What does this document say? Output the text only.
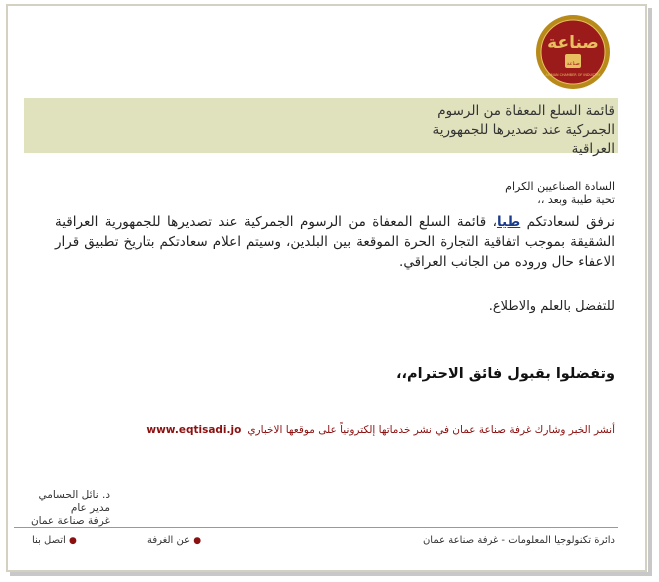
صناعة
غرفة صناعة عمان
AMMAN CHAMBER OF INDUSTRY
قائمة السلع المعفاة من الرسوم
الجمركية عند تصديرها للجمهورية
العراقية
السادة الصناعيين الكرام
تحية طيبة وبعد ،،
نرفق لسعادتكم طيا، قائمة السلع المعفاة من الرسوم الجمركية عند تصديرها للجمهورية العراقية الشقيقة بموجب اتفاقية التجارة الحرة الموقعة بين البلدين، وسيتم اعلام سعادتكم بتاريخ تطبيق قرار الاعفاء حال وروده من الجانب العراقي.
للتفضل بالعلم والاطلاع.
وتفضلوا بقبول فائق الاحترام،،
أنشر الخبر وشارك غرفة صناعة عمان في نشر خدماتها إلكترونياً على موقعها الاخباريwww.eqtisadi.jo
د. نائل الحسامي
مدير عام
غرفة صناعة عمان
دائرة تكنولوجيا المعلومات - غرفة صناعة عمان
● عن الغرفة
● اتصل بنا
